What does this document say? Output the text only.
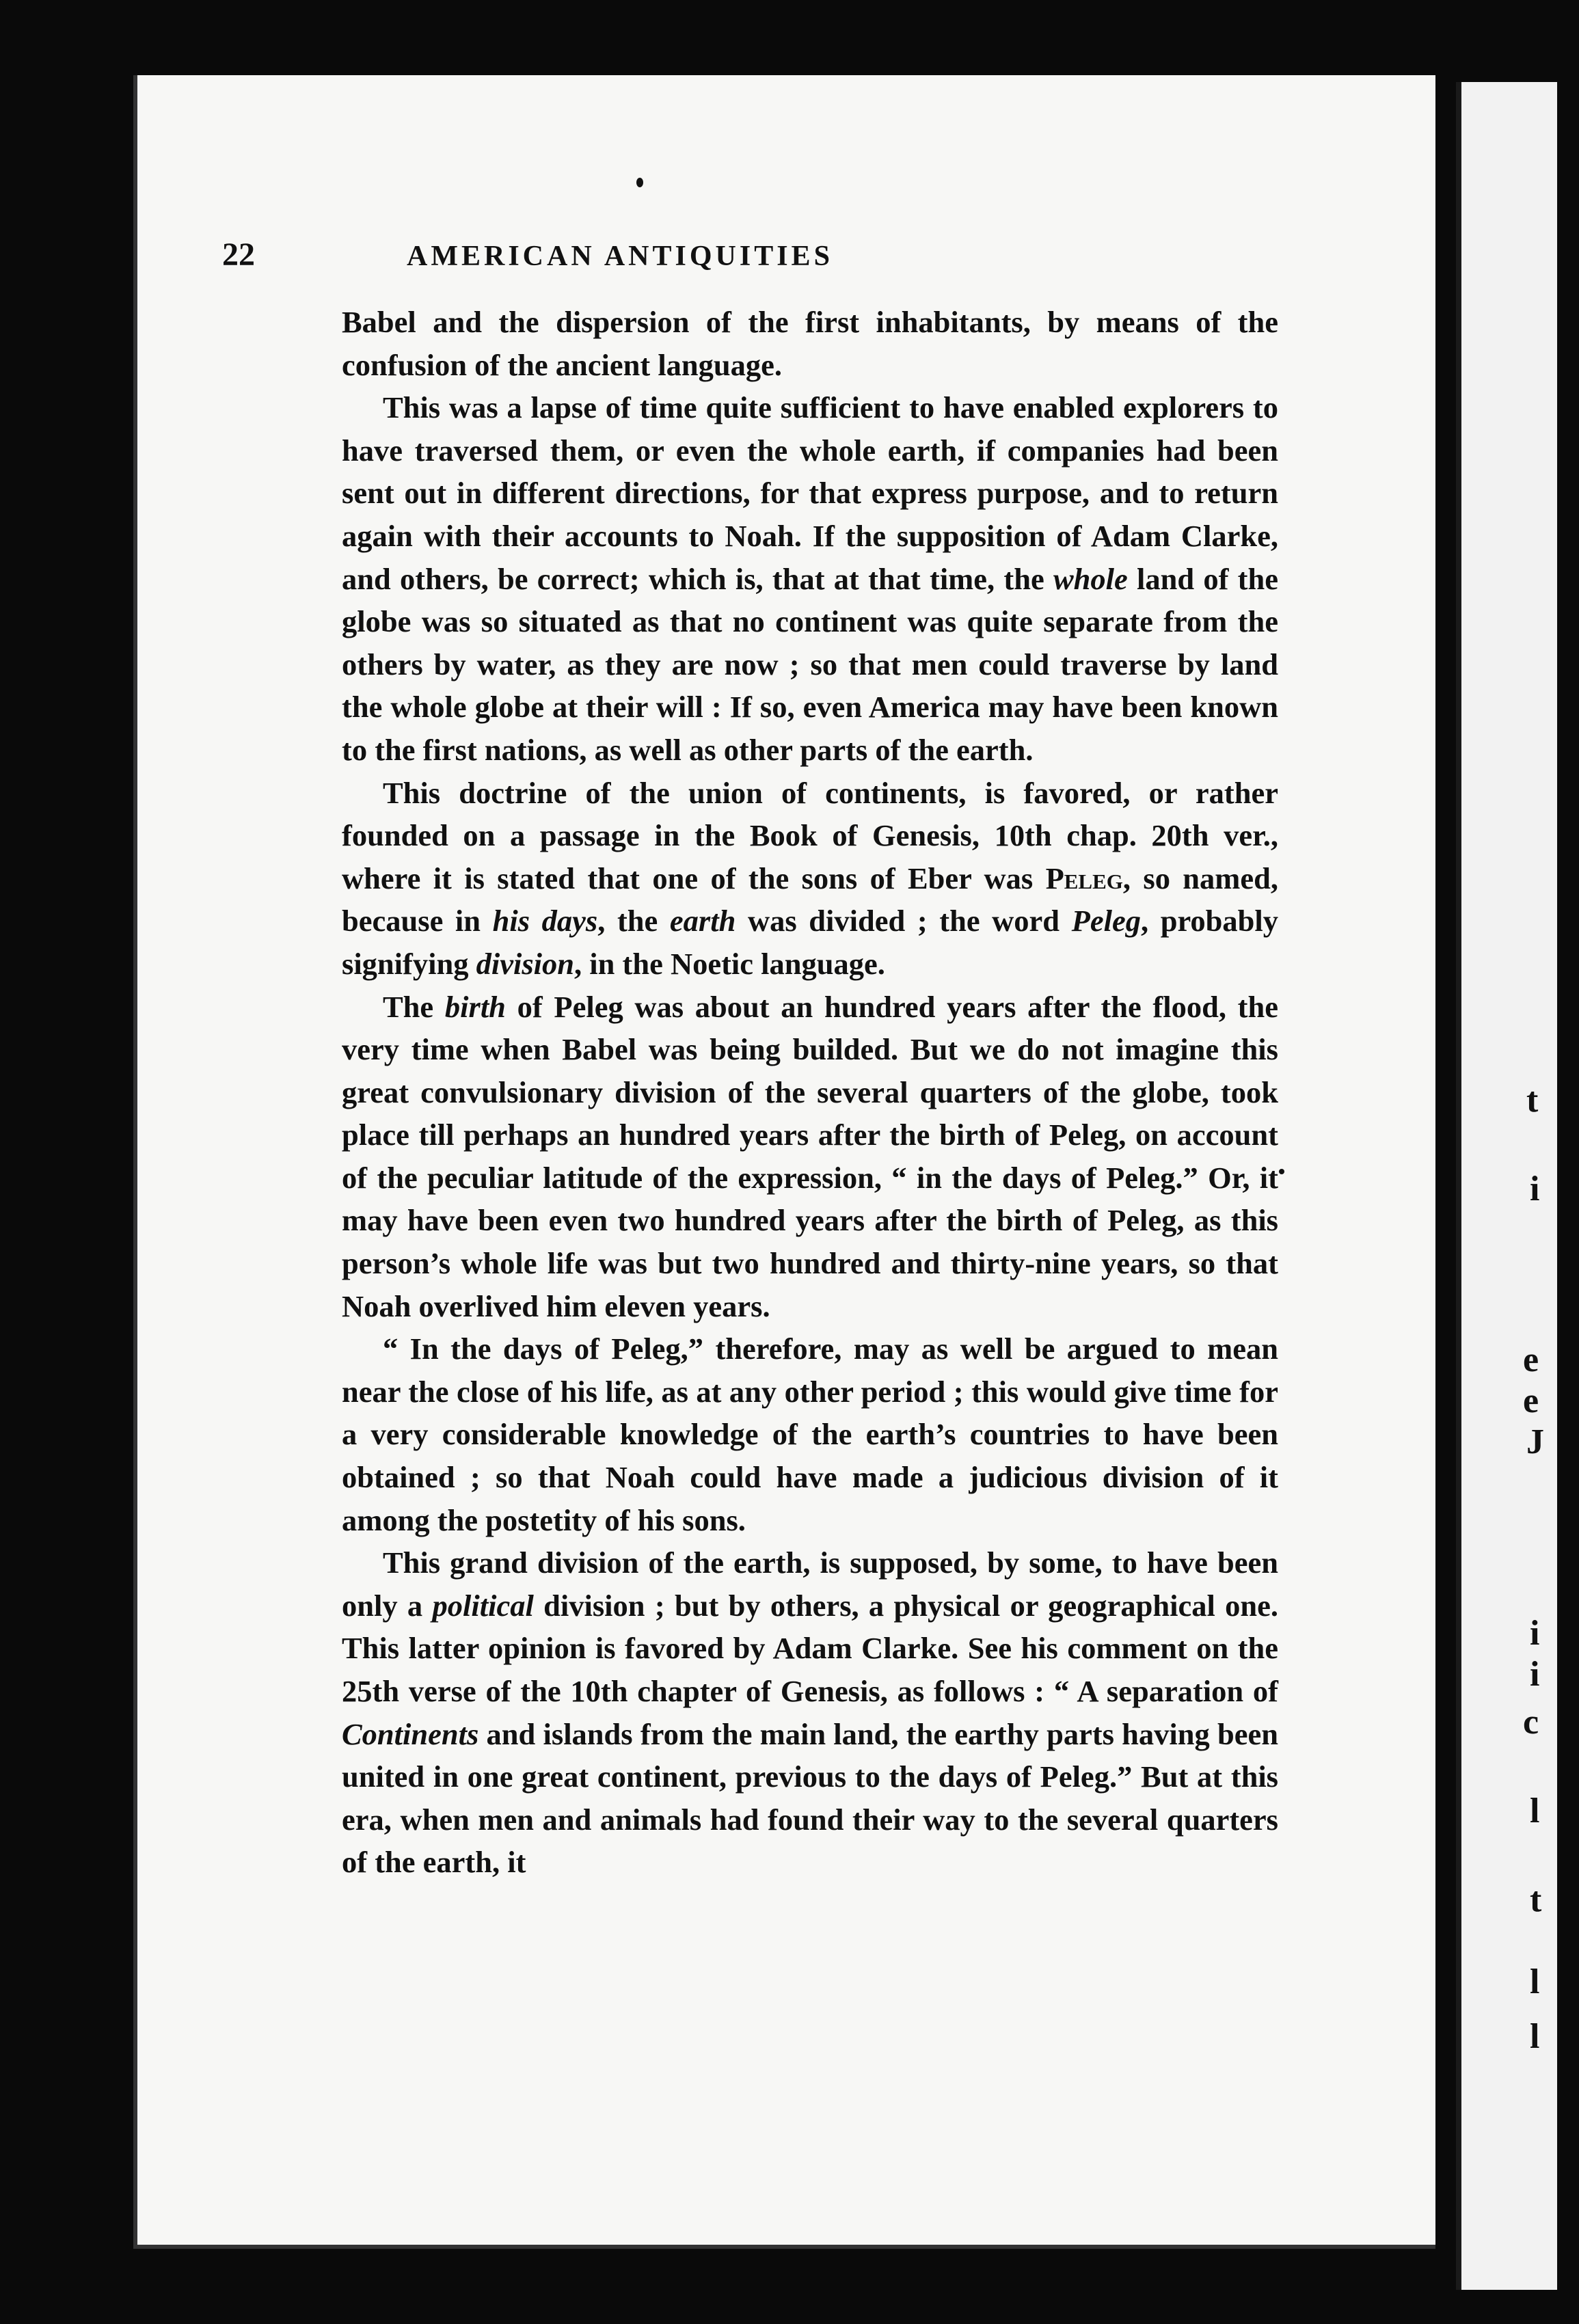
t
i
e
e
J
i
i
c
l
t
l
l
22	AMERICAN ANTIQUITIES

Babel and the dispersion of the first inhabitants, by means of the confusion of the ancient language.

This was a lapse of time quite sufficient to have enabled explorers to have traversed them, or even the whole earth, if companies had been sent out in different directions, for that express purpose, and to return again with their accounts to Noah. If the supposition of Adam Clarke, and others, be correct; which is, that at that time, the whole land of the globe was so situated as that no continent was quite separate from the others by water, as they are now ; so that men could traverse by land the whole globe at their will : If so, even America may have been known to the first nations, as well as other parts of the earth.

This doctrine of the union of continents, is favored, or rather founded on a passage in the Book of Genesis, 10th chap. 20th ver., where it is stated that one of the sons of Eber was Peleg, so named, because in his days, the earth was divided ; the word Peleg, probably signifying division, in the Noetic language.

The birth of Peleg was about an hundred years after the flood, the very time when Babel was being builded. But we do not imagine this great convulsionary division of the several quarters of the globe, took place till perhaps an hundred years after the birth of Peleg, on account of the peculiar latitude of the expression, “ in the days of Peleg.” Or, it may have been even two hundred years after the birth of Peleg, as this person’s whole life was but two hundred and thirty-nine years, so that Noah overlived him eleven years.

“ In the days of Peleg,” therefore, may as well be argued to mean near the close of his life, as at any other period ; this would give time for a very considerable knowledge of the earth’s countries to have been obtained ; so that Noah could have made a judicious division of it among the postetity of his sons.

This grand division of the earth, is supposed, by some, to have been only a political division ; but by others, a physical or geographical one. This latter opinion is favored by Adam Clarke. See his comment on the 25th verse of the 10th chapter of Genesis, as follows : “ A separation of Continents and islands from the main land, the earthy parts having been united in one great continent, previous to the days of Peleg.” But at this era, when men and animals had found their way to the several quarters of the earth, it
